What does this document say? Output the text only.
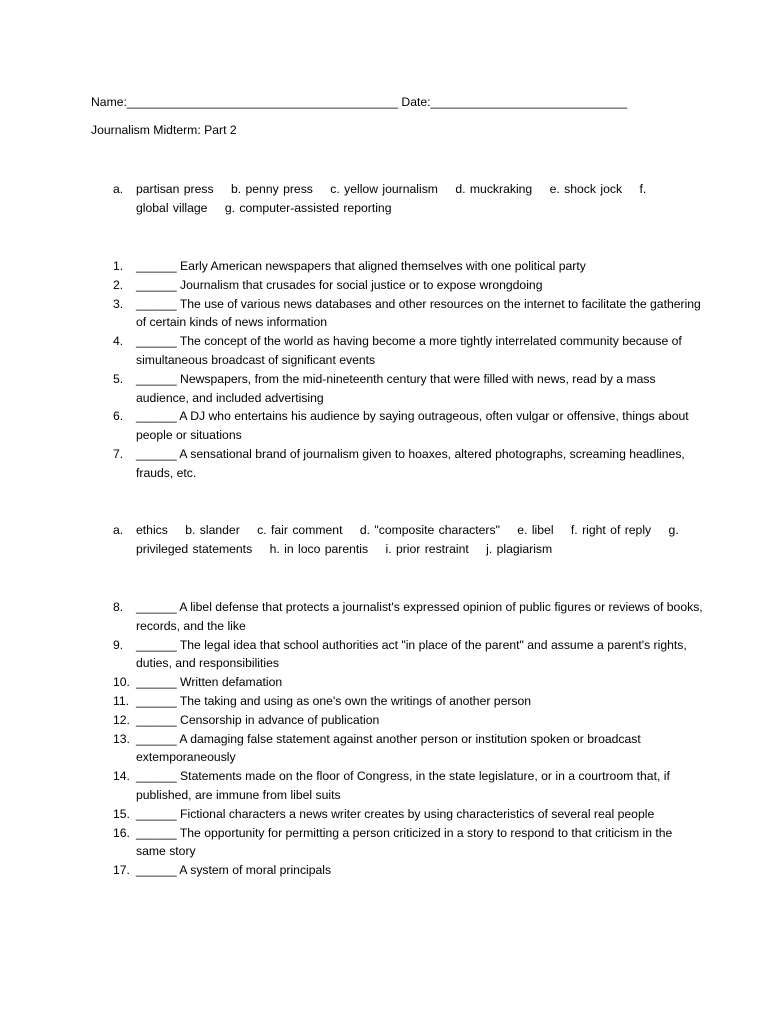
Name:________________________________________ Date:_____________________________
Journalism Midterm: Part 2
a. partisan press b. penny press c. yellow journalism d. muckraking e. shock jock f. global village g. computer-assisted reporting
1. ______ Early American newspapers that aligned themselves with one political party
2. ______ Journalism that crusades for social justice or to expose wrongdoing
3. ______ The use of various news databases and other resources on the internet to facilitate the gathering of certain kinds of news information
4. ______ The concept of the world as having become a more tightly interrelated community because of simultaneous broadcast of significant events
5. ______ Newspapers, from the mid-nineteenth century that were filled with news, read by a mass audience, and included advertising
6. ______ A DJ who entertains his audience by saying outrageous, often vulgar or offensive, things about people or situations
7. ______ A sensational brand of journalism given to hoaxes, altered photographs, screaming headlines, frauds, etc.
a. ethics b. slander c. fair comment d. "composite characters" e. libel f. right of reply g. privileged statements h. in loco parentis i. prior restraint j. plagiarism
8. ______ A libel defense that protects a journalist's expressed opinion of public figures or reviews of books, records, and the like
9. ______ The legal idea that school authorities act "in place of the parent" and assume a parent's rights, duties, and responsibilities
10. ______ Written defamation
11. ______ The taking and using as one's own the writings of another person
12. ______ Censorship in advance of publication
13. ______ A damaging false statement against another person or institution spoken or broadcast extemporaneously
14. ______ Statements made on the floor of Congress, in the state legislature, or in a courtroom that, if published, are immune from libel suits
15. ______ Fictional characters a news writer creates by using characteristics of several real people
16. ______ The opportunity for permitting a person criticized in a story to respond to that criticism in the same story
17. ______ A system of moral principals
